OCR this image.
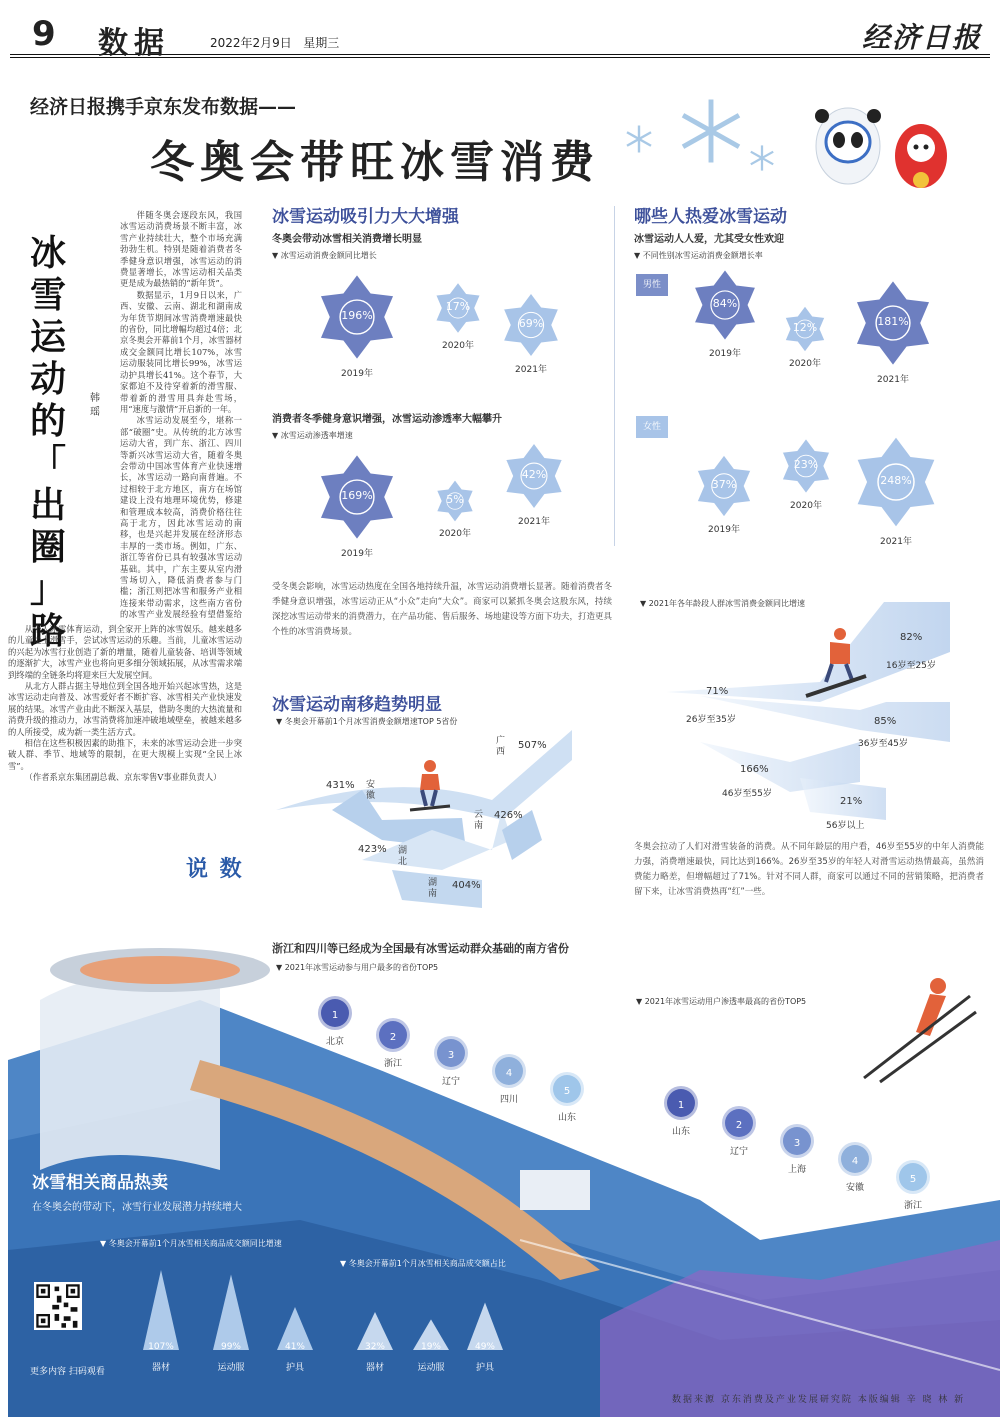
9 数据	2022年2月9日 星期三	经济日报
经济日报携手京东发布数据——
冬奥会带旺冰雪消费
冰
雪
运
动
的
「
出
圈
」
路
韩瑶

伴随冬奥会逐段东风，我国冰雪运动消费场景不断丰富，冰雪产业持续壮大，整个市场充满勃勃生机。特别是随着消费者冬季健身意识增强，冰雪运动的消费显著增长，冰雪运动相关品类更是成为最热销的“新年货”。

数据显示，1月9日以来，广西、安徽、云南、湖北和湖南成为年货节期间冰雪消费增速最快的省份，同比增幅均超过4倍；北京冬奥会开幕前1个月，冰雪器材成交金额同比增长107%，冰雪运动服装同比增长99%，冰雪运动护具增长41%。这个春节，大家都迫不及待穿着新的滑雪服、带着新的滑雪用具奔赴雪场，用“速度与激情”开启新的一年。

冰雪运动发展至今，堪称一部“破圈”史。从传统的北方冰雪运动大省，到广东、浙江、四川等新兴冰雪运动大省，随着冬奥会带动中国冰雪体育产业快速增长，冰雪运动一路向南普遍。不过相较于北方地区，南方在场馆建设上没有地理环境优势，修建和管理成本较高，消费价格往往高于北方，因此冰雪运动的南移，也是兴起并发展在经济形态丰厚的一类市场。例如，广东、浙江等省份已具有较强冰雪运动基础。其中，广东主要从室内滑雪场切入，降低消费者参与门槛；浙江则把冰雪和服务产业相连接来带动需求，这些南方省份的冰雪产业发展经验有望借鉴给

从个人冰雪体育运动，到全家开上阵的冰雪娱乐。越来越多的儿童走上滑雪手，尝试冰雪运动的乐趣。当前，儿童冰雪运动的兴起为冰雪行业创造了新的增量，随着儿童装备、培训等领域的逐渐扩大，冰雪产业也将向更多细分领域拓展，从冰雪需求端到终端的全链条均将迎来巨大发展空间。

从北方人群占据主导地位到全国各地开始兴起冰雪热，这是冰雪运动走向普及、冰雪爱好者不断扩容、冰雪相关产业快速发展的结果。冰雪产业由此不断深入基层，借助冬奥的大热流量和消费升级的推动力，冰雪消费将加速冲破地域壁垒，被越来越多的人所接受，成为新一类生活方式。

相信在这些积极因素的助推下，未来的冰雪运动会进一步突破人群、季节、地域等的限制，在更大规模上实现“全民上冰雪”。

（作者系京东集团副总裁、京东零售V事业群负责人）

说 数
冰雪运动吸引力大大增强
冬奥会带动冰雪相关消费增长明显
▼ 冰雪运动消费金额同比增长
196%
2019年
17%
2020年
69%
2021年
消费者冬季健身意识增强，冰雪运动渗透率大幅攀升
▼ 冰雪运动渗透率增速
169%
2019年
5%
2020年
42%
2021年
哪些人热爱冰雪运动
冰雪运动人人爱，尤其受女性欢迎
▼ 不同性别冰雪运动消费金额增长率
男性
女性
84%
2019年
12%
2020年
181%
2021年
37%
2019年
23%
2020年
248%
2021年
受冬奥会影响，冰雪运动热度在全国各地持续升温，冰雪运动消费增长显著。随着消费者冬季健身意识增强，冰雪运动正从“小众”走向“大众”。商家可以紧抓冬奥会这股东风，持续深挖冰雪运动带来的消费潜力，在产品功能、售后服务、场地建设等方面下功夫，打造更具个性的冰雪消费场景。
▼ 2021年各年龄段人群冰雪消费金额同比增速
82%
16岁至25岁
71%
26岁至35岁	85%
36岁至45岁
166%
46岁至55岁
21%
56岁以上
冬奥会拉动了人们对滑雪装备的消费。从不同年龄层的用户看，46岁至55岁的中年人消费能力强，消费增速最快，同比达到166%。26岁至35岁的年轻人对滑雪运动热情最高，虽然消费能力略差，但增幅超过了71%。针对不同人群，商家可以通过不同的营销策略，把消费者留下来，让冰雪消费热再“红”一些。
冰雪运动南移趋势明显
▼ 冬奥会开幕前1个月冰雪消费金额增速TOP 5省份
507%
广西
431% 安徽
426%
云南
423% 湖北
404%
湖南
浙江和四川等已经成为全国最有冰雪运动群众基础的南方省份
▼ 2021年冰雪运动参与用户最多的省份TOP5
▼ 2021年冰雪运动用户渗透率最高的省份TOP5
1
北京	2
浙江
3
辽宁
4
四川
5
山东
1
山东
2
辽宁
3
上海
4
安徽
5
浙江
冰雪相关商品热卖
在冬奥会的带动下，冰雪行业发展潜力持续增大
▼ 冬奥会开幕前1个月冰雪相关商品成交额同比增速
▼ 冬奥会开幕前1个月冰雪相关商品成交额占比
107%
器材
99%
运动服
41%
护具
32%
器材
19%
运动服
49%
护具
更多内容 扫码观看
数据来源 京东消费及产业发展研究院 本版编辑 辛 晓 林 新
